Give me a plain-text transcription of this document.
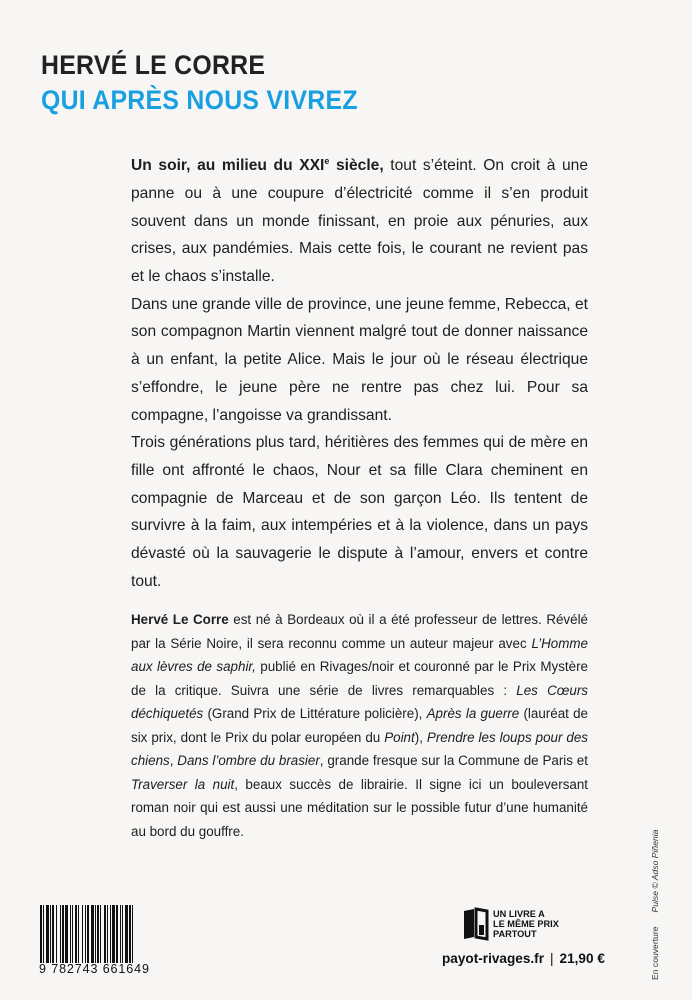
HERVÉ LE CORRE
QUI APRÈS NOUS VIVREZ

Un soir, au milieu du XXIe siècle, tout s’éteint. On croit à une panne ou à une coupure d’électricité comme il s’en produit souvent dans un monde finissant, en proie aux pénuries, aux crises, aux pandémies. Mais cette fois, le courant ne revient pas et le chaos s’installe.

Dans une grande ville de province, une jeune femme, Rebecca, et son compagnon Martin viennent malgré tout de donner naissance à un enfant, la petite Alice. Mais le jour où le réseau électrique s’effondre, le jeune père ne rentre pas chez lui. Pour sa compagne, l’angoisse va grandissant.

Trois générations plus tard, héritières des femmes qui de mère en fille ont affronté le chaos, Nour et sa fille Clara cheminent en compagnie de Marceau et de son garçon Léo. Ils tentent de survivre à la faim, aux intempéries et à la violence, dans un pays dévasté où la sauvagerie le dispute à l’amour, envers et contre tout.

Hervé Le Corre est né à Bordeaux où il a été professeur de lettres. Révélé par la Série Noire, il sera reconnu comme un auteur majeur avec L’Homme aux lèvres de saphir, publié en Rivages/noir et couronné par le Prix Mystère de la critique. Suivra une série de livres remarquables : Les Cœurs déchiquetés (Grand Prix de Littérature policière), Après la guerre (lauréat de six prix, dont le Prix du polar européen du Point), Prendre les loups pour des chiens, Dans l’ombre du brasier, grande fresque sur la Commune de Paris et Traverser la nuit, beaux succès de librairie. Il signe ici un bouleversant roman noir qui est aussi une méditation sur le possible futur d’une humanité au bord du gouffre.

9 782743 661649
UN LIVRE A
LE MÊME PRIX
PARTOUT
payot-rivages.fr | 21,90 €	En couverturePulse © Adso Piñenia
